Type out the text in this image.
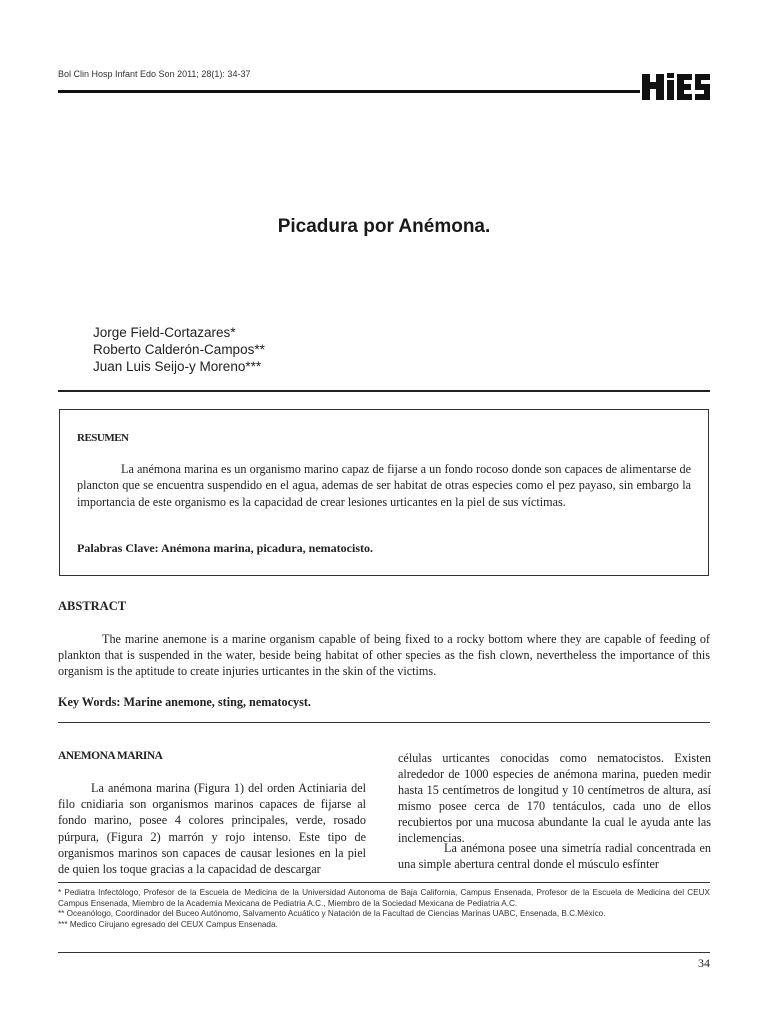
Bol Clin Hosp Infant Edo Son 2011; 28(1): 34-37
Picadura por Anémona.
Jorge Field-Cortazares*
Roberto Calderón-Campos**
Juan Luis Seijo-y Moreno***
RESUMEN

La anémona marina es un organismo marino capaz de fijarse a un fondo rocoso donde son capaces de alimentarse de plancton que se encuentra suspendido en el agua, ademas de ser habitat de otras especies como el pez payaso, sin embargo la importancia de este organismo es la capacidad de crear lesiones urticantes en la piel de sus víctimas.

Palabras Clave: Anémona marina, picadura, nematocisto.
ABSTRACT

The marine anemone is a marine organism capable of being fixed to a rocky bottom where they are capable of feeding of plankton that is suspended in the water, beside being habitat of other species as the fish clown, nevertheless the importance of this organism is the aptitude to create injuries urticantes in the skin of the victims.

Key Words: Marine anemone, sting, nematocyst.
ANEMONA MARINA

La anémona marina (Figura 1) del orden Actiniaria del filo cnidiaria son organismos marinos capaces de fijarse al fondo marino, posee 4 colores principales, verde, rosado púrpura, (Figura 2) marrón y rojo intenso. Este tipo de organismos marinos son capaces de causar lesiones en la piel de quien los toque gracias a la capacidad de descargar

células urticantes conocidas como nematocistos. Existen alrededor de 1000 especies de anémona marina, pueden medir hasta 15 centímetros de longitud y 10 centímetros de altura, así mismo posee cerca de 170 tentáculos, cada uno de ellos recubiertos por una mucosa abundante la cual le ayuda ante las inclemencias.

La anémona posee una simetría radial concentrada en una simple abertura central donde el músculo esfínter

* Pediatra Infectólogo, Profesor de la Escuela de Medicina de la Universidad Autonoma de Baja California, Campus Ensenada, Profesor de la Escuela de Medicina del CEUX Campus Ensenada, Miembro de la Academia Mexicana de Pediatria A.C., Miembro de la Sociedad Mexicana de Pediatria A.C.

** Oceanólogo, Coordinador del Buceo Autónomo, Salvamento Acuático y Natación de la Facultad de Ciencias Marinas UABC, Ensenada, B.C.México.

*** Medico Cirujano egresado del CEUX Campus Ensenada.

34
